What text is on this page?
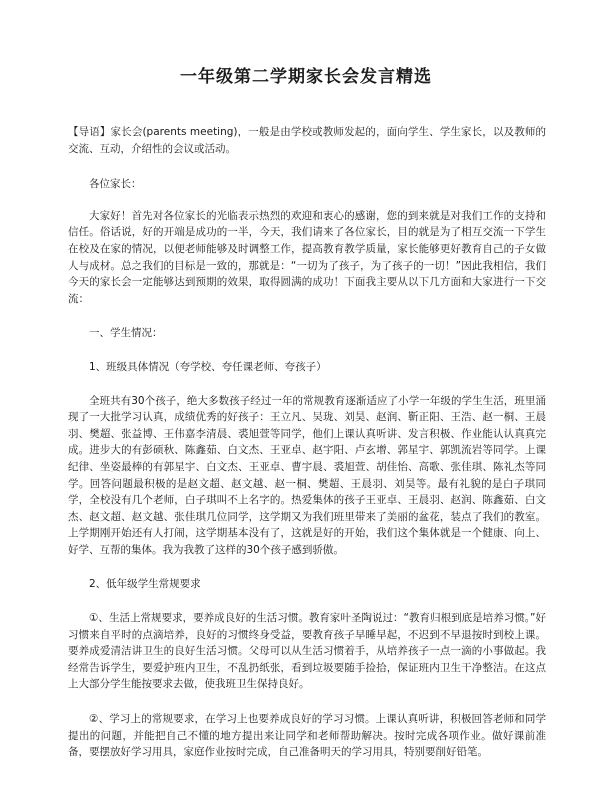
一年级第二学期家长会发言精选

【导语】家长会(parents meeting)，一般是由学校或教师发起的，面向学生、学生家长，以及教师的交流、互动，介绍性的会议或活动。

各位家长：

大家好！首先对各位家长的光临表示热烈的欢迎和衷心的感谢，您的到来就是对我们工作的支持和信任。俗话说，好的开端是成功的一半，今天，我们请来了各位家长，目的就是为了相互交流一下学生在校及在家的情况，以便老师能够及时调整工作，提高教育教学质量，家长能够更好教育自己的子女做人与成材。总之我们的目标是一致的，那就是：“一切为了孩子，为了孩子的一切！”因此我相信，我们今天的家长会一定能够达到预期的效果，取得圆满的成功！下面我主要从以下几方面和大家进行一下交流：

一、学生情况：

1、班级具体情况（夸学校、夸任课老师、夸孩子）

全班共有30个孩子，绝大多数孩子经过一年的常规教育逐渐适应了小学一年级的学生生活，班里涌现了一大批学习认真，成绩优秀的好孩子：王立凡、吴珑、刘昊、赵润、靳正阳、王浩、赵一桐、王晨羽、樊超、张益博、王伟嘉李清晨、裘旭萱等同学，他们上课认真听讲、发言积极、作业能认认真真完成。进步大的有彭硕秋、陈鑫茹、白文杰、王亚卓、赵宇阳、卢玄增、郭星宇、郭凯流岩等同学。上课纪律、坐姿最棒的有郭星宇、白文杰、王亚卓、曹宇晨、裘旭萱、胡佳怡、高歌、张佳琪、陈礼杰等同学。回答问题最积极的是赵文超、赵文越、赵一桐、樊超、王晨羽、刘昊等。最有礼貌的是白子琪同学，全校没有几个老师，白子琪叫不上名字的。热爱集体的孩子王亚卓、王晨羽、赵润、陈鑫茹、白文杰、赵文超、赵文越、张佳琪几位同学，这学期又为我们班里带来了美丽的盆花，装点了我们的教室。上学期刚开始还有人打闹，这学期基本没有了，这就是好的开始，我们这个集体就是一个健康、向上、好学、互帮的集体。我为我教了这样的30个孩子感到骄傲。

2、低年级学生常规要求

①、生活上常规要求，要养成良好的生活习惯。教育家叶圣陶说过：“教育归根到底是培养习惯。”好习惯来自平时的点滴培养，良好的习惯终身受益，要教育孩子早睡早起，不迟到不早退按时到校上课。要养成爱清洁讲卫生的良好生活习惯。父母可以从生活习惯着手，从培养孩子一点一滴的小事做起。我经常告诉学生，要爱护班内卫生，不乱扔纸张，看到垃圾要随手捡拾，保证班内卫生干净整洁。在这点上大部分学生能按要求去做，使我班卫生保持良好。

②、学习上的常规要求，在学习上也要养成良好的学习习惯。上课认真听讲，积极回答老师和同学提出的问题，并能把自己不懂的地方提出来让同学和老师帮助解决。按时完成各项作业。做好课前准备，要摆放好学习用具，家庭作业按时完成，自己准备明天的学习用具，特别要削好铅笔。
